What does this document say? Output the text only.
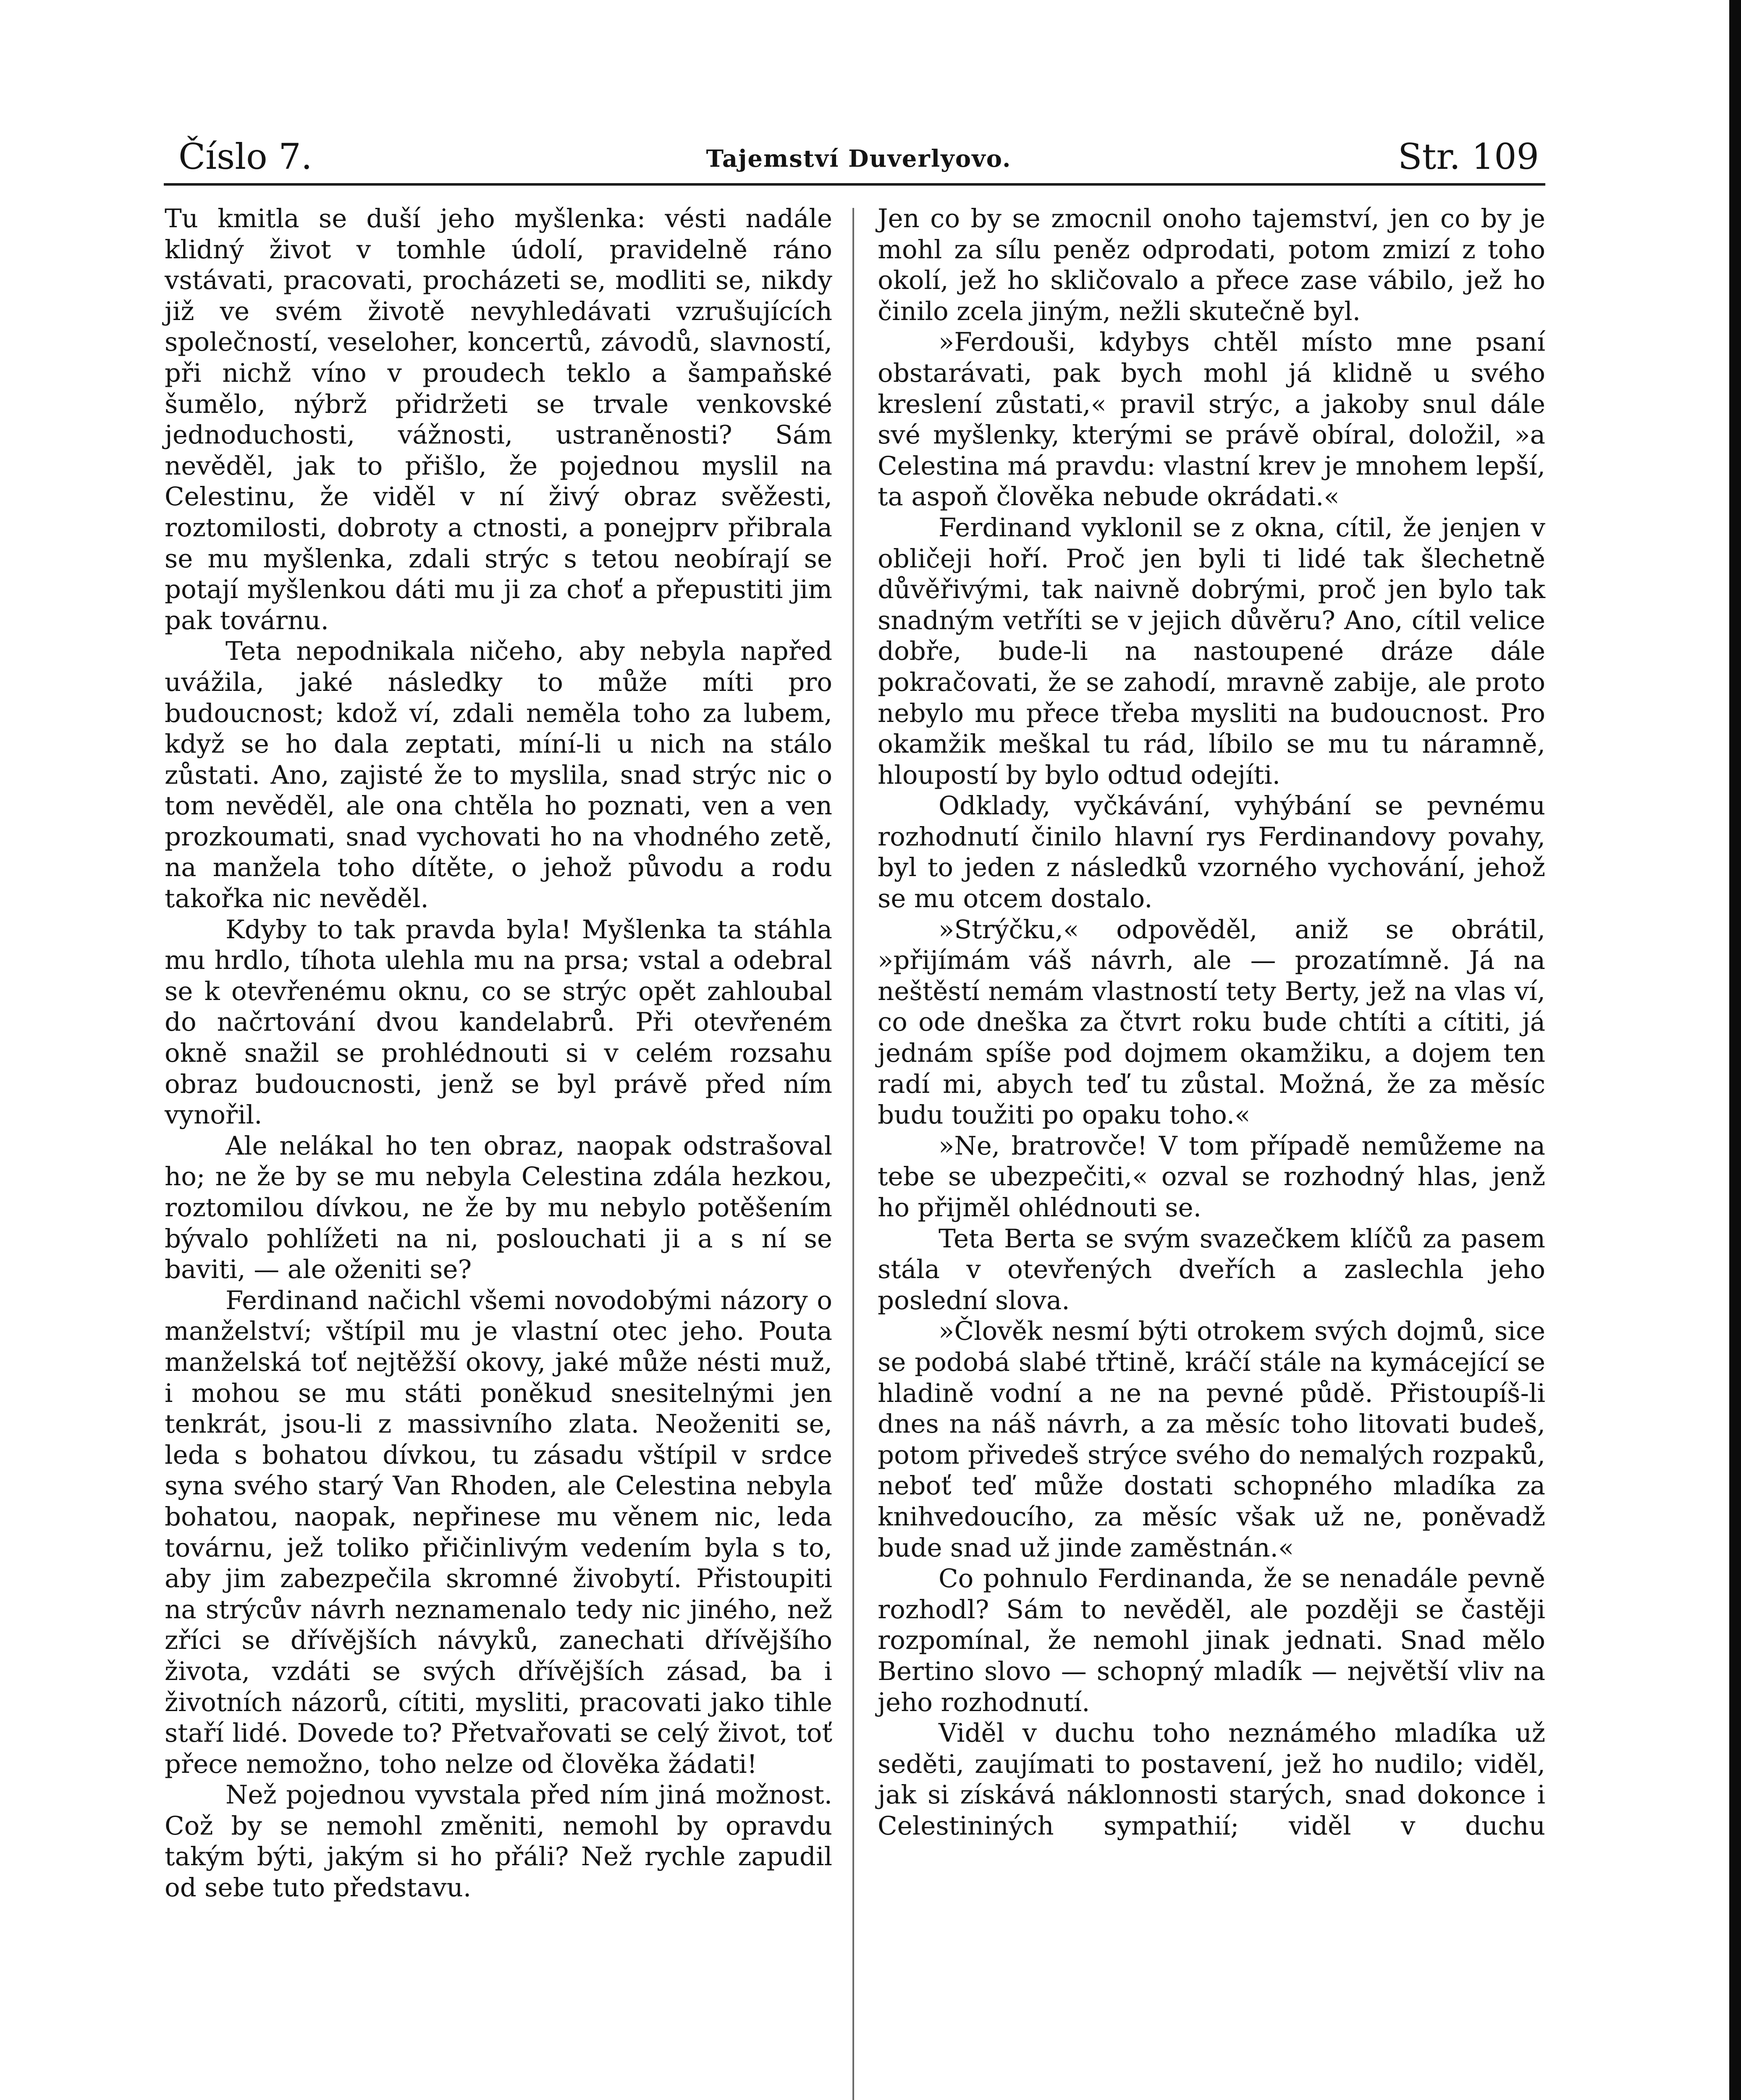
Číslo 7.	Tajemství Duverlyovo.	Str. 109

Tu kmitla se duší jeho myšlenka: vésti nadále klidný život v tomhle údolí, pravidelně ráno vstávati, pracovati, procházeti se, modliti se, nikdy již ve svém životě nevyhledávati vzrušujících společností, veseloher, koncertů, závodů, slavností, při nichž víno v proudech teklo a šampaňské šumělo, nýbrž přidržeti se trvale venkovské jednoduchosti, vážnosti, ustraněnosti? Sám nevěděl, jak to přišlo, že pojednou myslil na Celestinu, že viděl v ní živý obraz svěžesti, roztomilosti, dobroty a ctnosti, a ponejprv přibrala se mu myšlenka, zdali strýc s tetou neobírají se potají myšlenkou dáti mu ji za choť a přepustiti jim pak továrnu.

Teta nepodnikala ničeho, aby nebyla napřed uvážila, jaké následky to může míti pro budoucnost; kdož ví, zdali neměla toho za lubem, když se ho dala zeptati, míní-li u nich na stálo zůstati. Ano, zajisté že to myslila, snad strýc nic o tom nevěděl, ale ona chtěla ho poznati, ven a ven prozkoumati, snad vychovati ho na vhodného zetě, na manžela toho dítěte, o jehož původu a rodu takořka nic nevěděl.

Kdyby to tak pravda byla! Myšlenka ta stáhla mu hrdlo, tíhota ulehla mu na prsa; vstal a odebral se k otevřenému oknu, co se strýc opět zahloubal do načrtování dvou kandelabrů. Při otevřeném okně snažil se prohlédnouti si v celém rozsahu obraz budoucnosti, jenž se byl právě před ním vynořil.

Ale nelákal ho ten obraz, naopak odstrašoval ho; ne že by se mu nebyla Celestina zdála hezkou, roztomilou dívkou, ne že by mu nebylo potěšením bývalo pohlížeti na ni, poslouchati ji a s ní se baviti, — ale oženiti se?

Ferdinand načichl všemi novodobými názory o manželství; vštípil mu je vlastní otec jeho. Pouta manželská toť nejtěžší okovy, jaké může nésti muž, i mohou se mu státi poněkud snesitelnými jen tenkrát, jsou-li z massivního zlata. Neoženiti se, leda s bohatou dívkou, tu zásadu vštípil v srdce syna svého starý Van Rhoden, ale Celestina nebyla bohatou, naopak, nepřinese mu věnem nic, leda továrnu, jež toliko přičinlivým vedením byla s to, aby jim zabezpečila skromné živobytí. Přistoupiti na strýcův návrh neznamenalo tedy nic jiného, než zříci se dřívějších návyků, zanechati dřívějšího života, vzdáti se svých dřívějších zásad, ba i životních názorů, cítiti, mysliti, pracovati jako tihle staří lidé. Dovede to? Přetvařovati se celý život, toť přece nemožno, toho nelze od člověka žádati!

Než pojednou vyvstala před ním jiná možnost. Což by se nemohl změniti, nemohl by opravdu takým býti, jakým si ho přáli? Než rychle zapudil od sebe tuto představu.

Jen co by se zmocnil onoho tajemství, jen co by je mohl za sílu peněz odprodati, potom zmizí z toho okolí, jež ho skličovalo a přece zase vábilo, jež ho činilo zcela jiným, nežli skutečně byl.

»Ferdouši, kdybys chtěl místo mne psaní obstarávati, pak bych mohl já klidně u svého kreslení zůstati,« pravil strýc, a jakoby snul dále své myšlenky, kterými se právě obíral, doložil, »a Celestina má pravdu: vlastní krev je mnohem lepší, ta aspoň člověka nebude okrádati.«

Ferdinand vyklonil se z okna, cítil, že jenjen v obličeji hoří. Proč jen byli ti lidé tak šlechetně důvěřivými, tak naivně dobrými, proč jen bylo tak snadným vetříti se v jejich důvěru? Ano, cítil velice dobře, bude-li na nastoupené dráze dále pokračovati, že se zahodí, mravně zabije, ale proto nebylo mu přece třeba mysliti na budoucnost. Pro okamžik meškal tu rád, líbilo se mu tu náramně, hloupostí by bylo odtud odejíti.

Odklady, vyčkávání, vyhýbání se pevnému rozhodnutí činilo hlavní rys Ferdinandovy povahy, byl to jeden z následků vzorného vychování, jehož se mu otcem dostalo.

»Strýčku,« odpověděl, aniž se obrátil, »přijímám váš návrh, ale — prozatímně. Já na neštěstí nemám vlastností tety Berty, jež na vlas ví, co ode dneška za čtvrt roku bude chtíti a cítiti, já jednám spíše pod dojmem okamžiku, a dojem ten radí mi, abych teď tu zůstal. Možná, že za měsíc budu toužiti po opaku toho.«

»Ne, bratrovče! V tom případě nemůžeme na tebe se ubezpečiti,« ozval se rozhodný hlas, jenž ho přijměl ohlédnouti se.

Teta Berta se svým svazečkem klíčů za pasem stála v otevřených dveřích a zaslechla jeho poslední slova.

»Člověk nesmí býti otrokem svých dojmů, sice se podobá slabé třtině, kráčí stále na kymácející se hladině vodní a ne na pevné půdě. Přistoupíš-li dnes na náš návrh, a za měsíc toho litovati budeš, potom přivedeš strýce svého do nemalých rozpaků, neboť teď může dostati schopného mladíka za knihvedoucího, za měsíc však už ne, poněvadž bude snad už jinde zaměstnán.«

Co pohnulo Ferdinanda, že se nenadále pevně rozhodl? Sám to nevěděl, ale později se častěji rozpomínal, že nemohl jinak jednati. Snad mělo Bertino slovo — schopný mladík — největší vliv na jeho rozhodnutí.

Viděl v duchu toho neznámého mladíka už seděti, zaujímati to postavení, jež ho nudilo; viděl, jak si získává náklonnosti starých, snad dokonce i Celestininých sympathií; viděl v duchu
